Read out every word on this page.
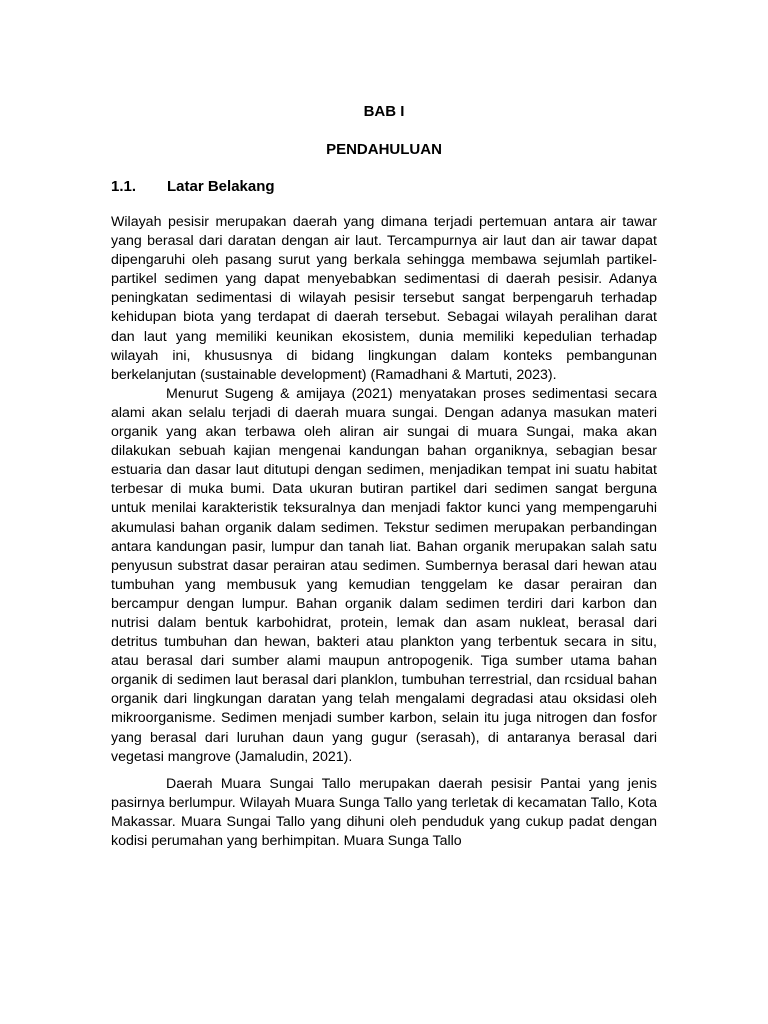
BAB I
PENDAHULUAN
1.1. Latar Belakang

Wilayah pesisir merupakan daerah yang dimana terjadi pertemuan antara air tawar yang berasal dari daratan dengan air laut. Tercampurnya air laut dan air tawar dapat dipengaruhi oleh pasang surut yang berkala sehingga membawa sejumlah partikel-partikel sedimen yang dapat menyebabkan sedimentasi di daerah pesisir. Adanya peningkatan sedimentasi di wilayah pesisir tersebut sangat berpengaruh terhadap kehidupan biota yang terdapat di daerah tersebut. Sebagai wilayah peralihan darat dan laut yang memiliki keunikan ekosistem, dunia memiliki kepedulian terhadap wilayah ini, khususnya di bidang lingkungan dalam konteks pembangunan berkelanjutan (sustainable development) (Ramadhani & Martuti, 2023).

Menurut Sugeng & amijaya (2021) menyatakan proses sedimentasi secara alami akan selalu terjadi di daerah muara sungai. Dengan adanya masukan materi organik yang akan terbawa oleh aliran air sungai di muara Sungai, maka akan dilakukan sebuah kajian mengenai kandungan bahan organiknya, sebagian besar estuaria dan dasar laut ditutupi dengan sedimen, menjadikan tempat ini suatu habitat terbesar di muka bumi. Data ukuran butiran partikel dari sedimen sangat berguna untuk menilai karakteristik teksuralnya dan menjadi faktor kunci yang mempengaruhi akumulasi bahan organik dalam sedimen. Tekstur sedimen merupakan perbandingan antara kandungan pasir, lumpur dan tanah liat. Bahan organik merupakan salah satu penyusun substrat dasar perairan atau sedimen. Sumbernya berasal dari hewan atau tumbuhan yang membusuk yang kemudian tenggelam ke dasar perairan dan bercampur dengan lumpur. Bahan organik dalam sedimen terdiri dari karbon dan nutrisi dalam bentuk karbohidrat, protein, lemak dan asam nukleat, berasal dari detritus tumbuhan dan hewan, bakteri atau plankton yang terbentuk secara in situ, atau berasal dari sumber alami maupun antropogenik. Tiga sumber utama bahan organik di sedimen laut berasal dari planklon, tumbuhan terrestrial, dan rcsidual bahan organik dari lingkungan daratan yang telah mengalami degradasi atau oksidasi oleh mikroorganisme. Sedimen menjadi sumber karbon, selain itu juga nitrogen dan fosfor yang berasal dari luruhan daun yang gugur (serasah), di antaranya berasal dari vegetasi mangrove (Jamaludin, 2021).

Daerah Muara Sungai Tallo merupakan daerah pesisir Pantai yang jenis pasirnya berlumpur. Wilayah Muara Sunga Tallo yang terletak di kecamatan Tallo, Kota Makassar. Muara Sungai Tallo yang dihuni oleh penduduk yang cukup padat dengan kodisi perumahan yang berhimpitan. Muara Sunga Tallo
